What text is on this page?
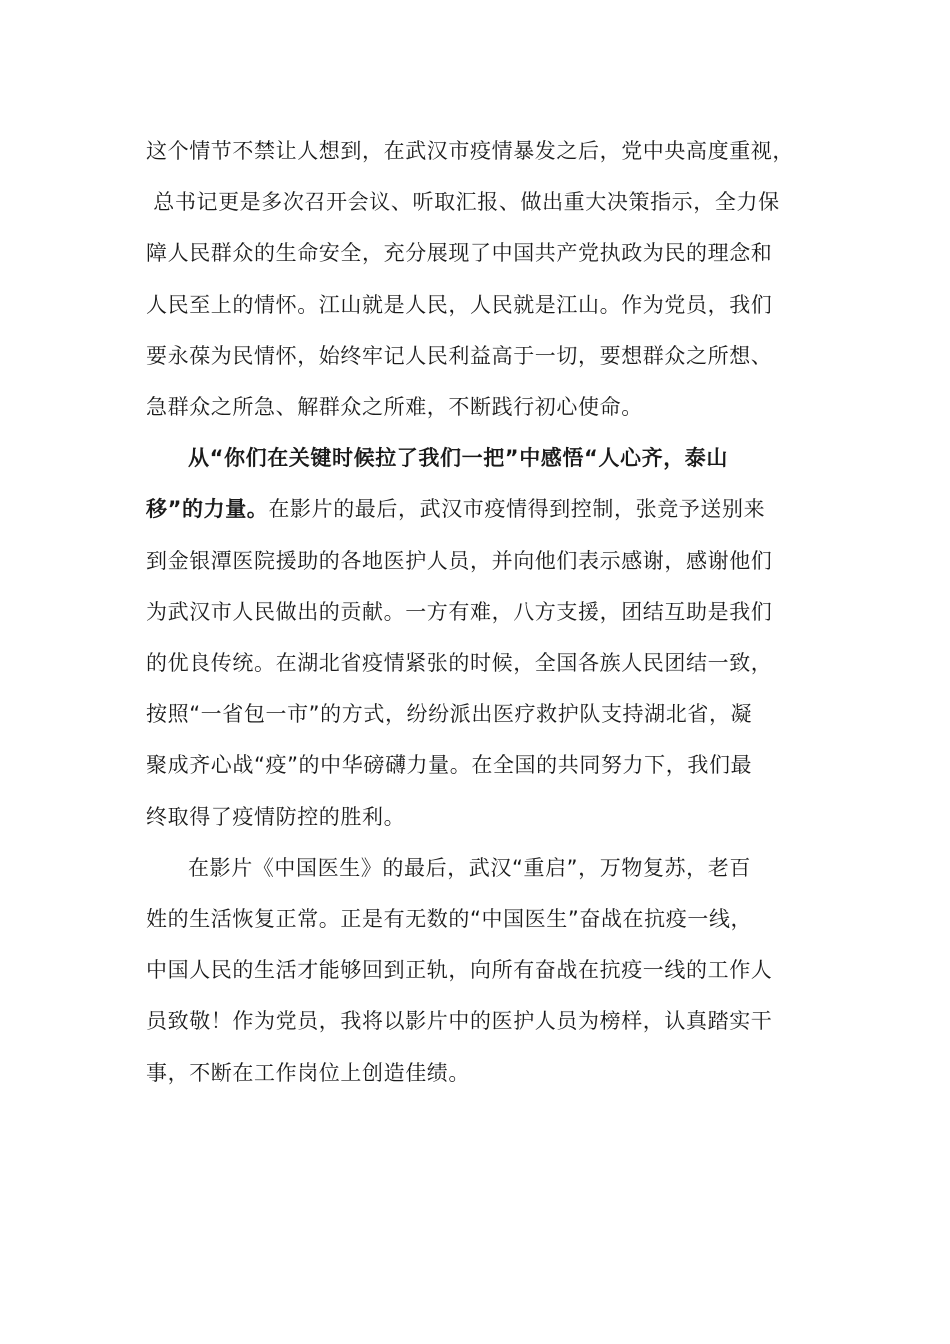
这个情节不禁让人想到，在武汉市疫情暴发之后，党中央高度重视，
总书记更是多次召开会议、听取汇报、做出重大决策指示，全力保
障人民群众的生命安全，充分展现了中国共产党执政为民的理念和
人民至上的情怀。江山就是人民，人民就是江山。作为党员，我们
要永葆为民情怀，始终牢记人民利益高于一切，要想群众之所想、
急群众之所急、解群众之所难，不断践行初心使命。

从“你们在关键时候拉了我们一把”中感悟“人心齐，泰山
移”的力量。在影片的最后，武汉市疫情得到控制，张竞予送别来
到金银潭医院援助的各地医护人员，并向他们表示感谢，感谢他们
为武汉市人民做出的贡献。一方有难，八方支援，团结互助是我们
的优良传统。在湖北省疫情紧张的时候，全国各族人民团结一致，
按照“一省包一市”的方式，纷纷派出医疗救护队支持湖北省，凝
聚成齐心战“疫”的中华磅礴力量。在全国的共同努力下，我们最
终取得了疫情防控的胜利。

在影片《中国医生》的最后，武汉“重启”，万物复苏，老百
姓的生活恢复正常。正是有无数的“中国医生”奋战在抗疫一线，
中国人民的生活才能够回到正轨，向所有奋战在抗疫一线的工作人
员致敬！作为党员，我将以影片中的医护人员为榜样，认真踏实干
事，不断在工作岗位上创造佳绩。
